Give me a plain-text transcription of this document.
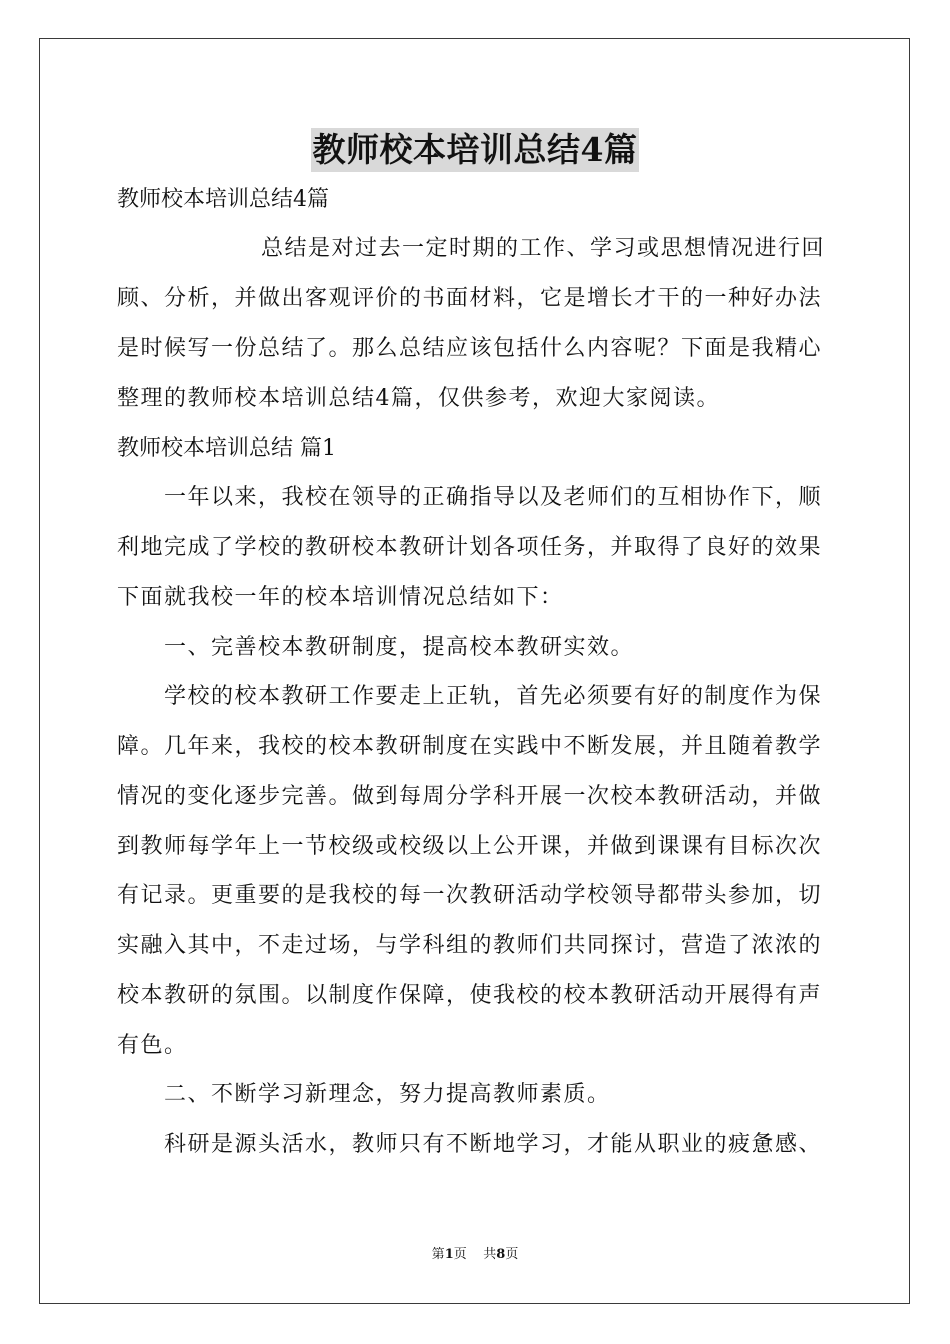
教师校本培训总结4篇
教师校本培训总结4篇
总结是对过去一定时期的工作、学习或思想情况进行回
顾、分析，并做出客观评价的书面材料，它是增长才干的一种好办法
是时候写一份总结了。那么总结应该包括什么内容呢？下面是我精心
整理的教师校本培训总结4篇，仅供参考，欢迎大家阅读。
教师校本培训总结 篇1
一年以来，我校在领导的正确指导以及老师们的互相协作下，顺
利地完成了学校的教研校本教研计划各项任务，并取得了良好的效果
下面就我校一年的校本培训情况总结如下：
一、完善校本教研制度，提高校本教研实效。
学校的校本教研工作要走上正轨，首先必须要有好的制度作为保
障。几年来，我校的校本教研制度在实践中不断发展，并且随着教学
情况的变化逐步完善。做到每周分学科开展一次校本教研活动，并做
到教师每学年上一节校级或校级以上公开课，并做到课课有目标次次
有记录。更重要的是我校的每一次教研活动学校领导都带头参加，切
实融入其中，不走过场，与学科组的教师们共同探讨，营造了浓浓的
校本教研的氛围。以制度作保障，使我校的校本教研活动开展得有声
有色。
二、不断学习新理念，努力提高教师素质。
科研是源头活水，教师只有不断地学习，才能从职业的疲惫感、
第1页    共8页
